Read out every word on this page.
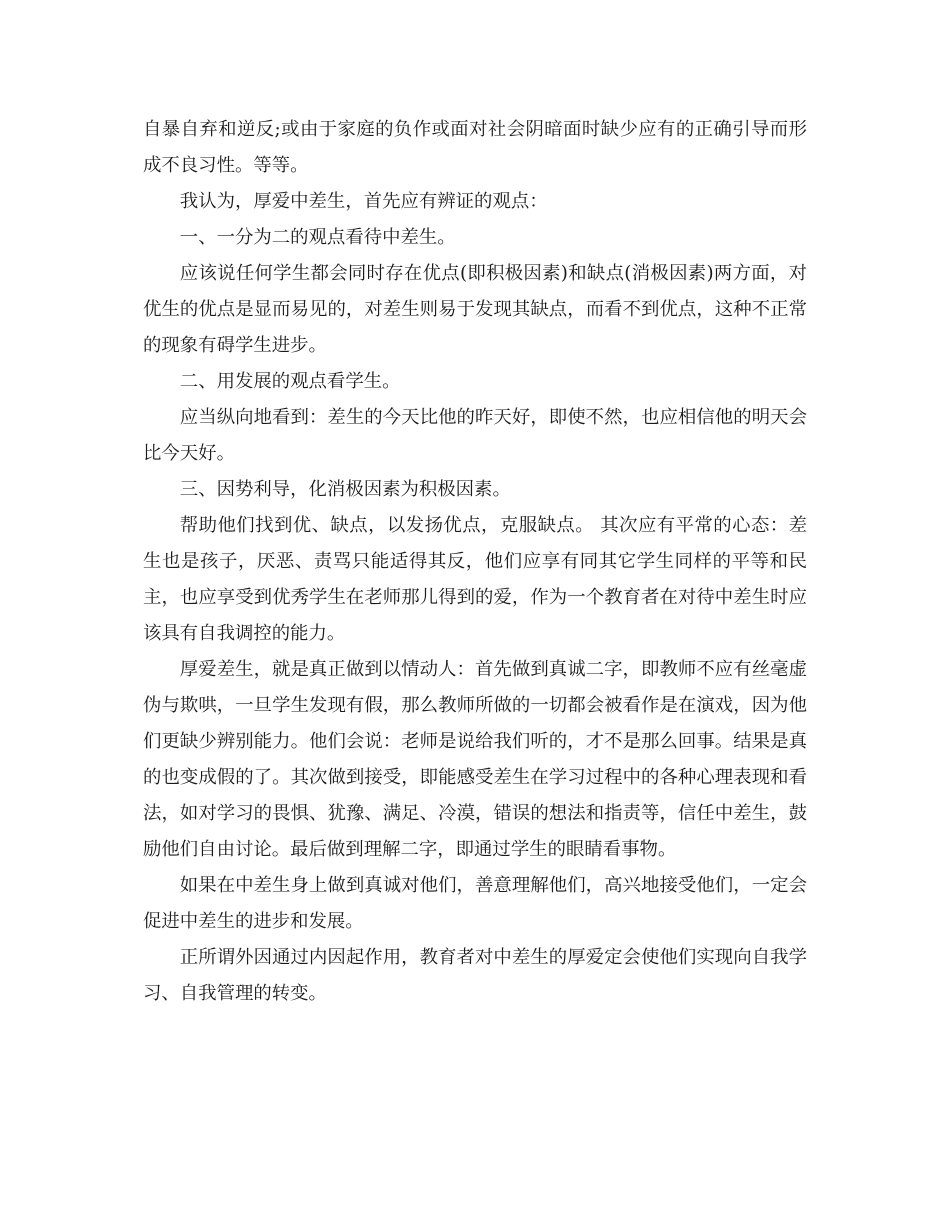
自暴自弃和逆反;或由于家庭的负作或面对社会阴暗面时缺少应有的正确引导而形成不良习性。等等。

我认为，厚爱中差生，首先应有辨证的观点：

一、一分为二的观点看待中差生。

应该说任何学生都会同时存在优点(即积极因素)和缺点(消极因素)两方面，对优生的优点是显而易见的，对差生则易于发现其缺点，而看不到优点，这种不正常的现象有碍学生进步。

二、用发展的观点看学生。

应当纵向地看到：差生的今天比他的昨天好，即使不然，也应相信他的明天会比今天好。

三、因势利导，化消极因素为积极因素。

帮助他们找到优、缺点，以发扬优点，克服缺点。 其次应有平常的心态：差生也是孩子，厌恶、责骂只能适得其反，他们应享有同其它学生同样的平等和民主，也应享受到优秀学生在老师那儿得到的爱，作为一个教育者在对待中差生时应该具有自我调控的能力。

厚爱差生，就是真正做到以情动人：首先做到真诚二字，即教师不应有丝毫虚伪与欺哄，一旦学生发现有假，那么教师所做的一切都会被看作是在演戏，因为他们更缺少辨别能力。他们会说：老师是说给我们听的，才不是那么回事。结果是真的也变成假的了。其次做到接受，即能感受差生在学习过程中的各种心理表现和看法，如对学习的畏惧、犹豫、满足、冷漠，错误的想法和指责等，信任中差生，鼓励他们自由讨论。最后做到理解二字，即通过学生的眼睛看事物。

如果在中差生身上做到真诚对他们，善意理解他们，高兴地接受他们，一定会促进中差生的进步和发展。

正所谓外因通过内因起作用，教育者对中差生的厚爱定会使他们实现向自我学习、自我管理的转变。
